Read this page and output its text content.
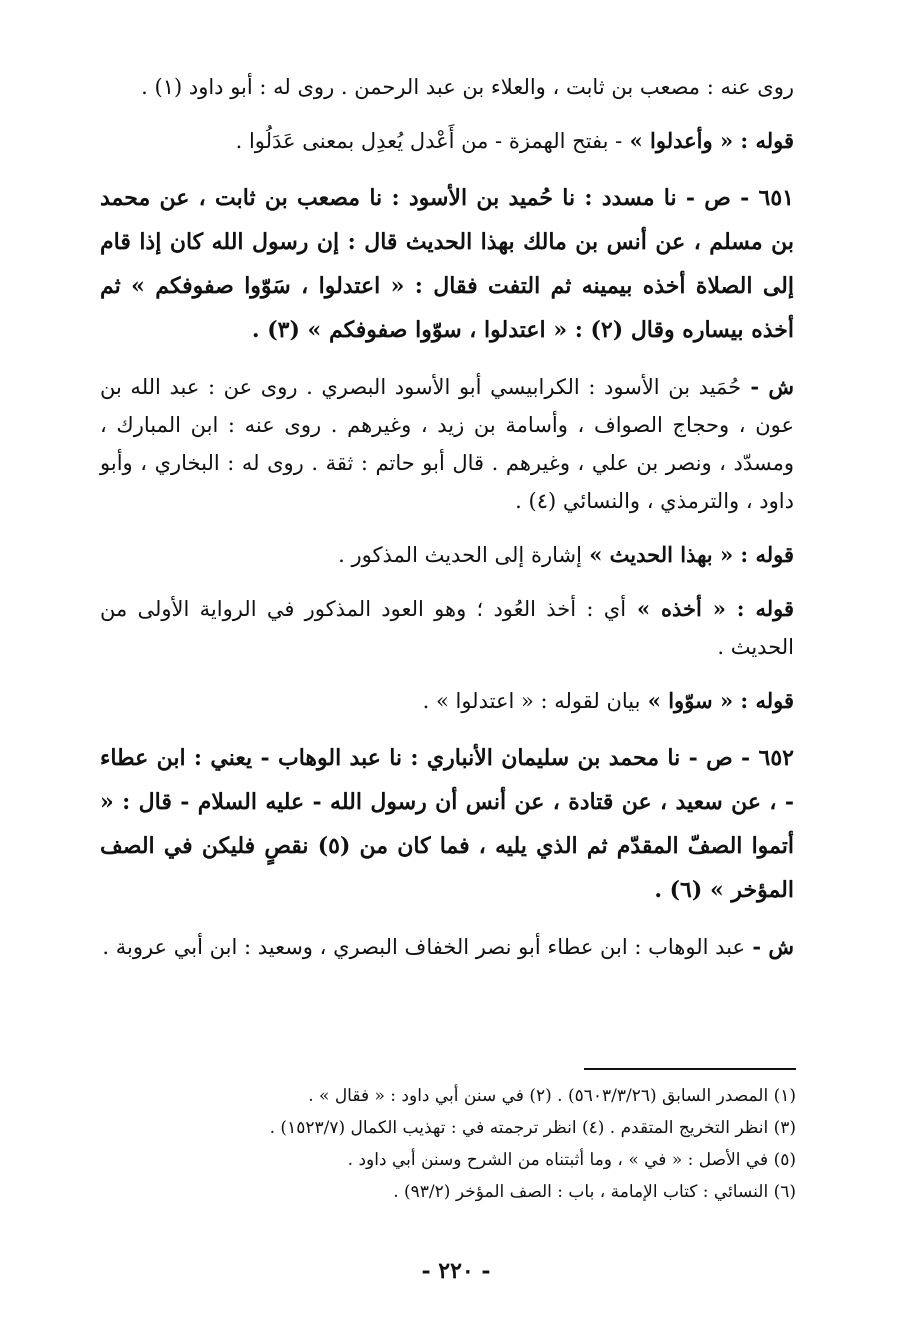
روى عنه : مصعب بن ثابت ، والعلاء بن عبد الرحمن . روى له : أبو داود (١) .

قوله : « وأعدلوا » - بفتح الهمزة - من أَعْدل يُعدِل بمعنى عَدَلُوا .

٦٥١ - ص - نا مسدد : نا حُميد بن الأسود : نا مصعب بن ثابت ، عن محمد بن مسلم ، عن أنس بن مالك بهذا الحديث قال : إن رسول الله كان إذا قام إلى الصلاة أخذه بيمينه ثم التفت فقال : « اعتدلوا ، سَوّوا صفوفكم » ثم أخذه بيساره وقال (٢) : « اعتدلوا ، سوّوا صفوفكم » (٣) .

ش - حُمَيد بن الأسود : الكرابيسي أبو الأسود البصري . روى عن : عبد الله بن عون ، وحجاج الصواف ، وأسامة بن زيد ، وغيرهم . روى عنه : ابن المبارك ، ومسدّد ، ونصر بن علي ، وغيرهم . قال أبو حاتم : ثقة . روى له : البخاري ، وأبو داود ، والترمذي ، والنسائي (٤) .

قوله : « بهذا الحديث » إشارة إلى الحديث المذكور .

قوله : « أخذه » أي : أخذ العُود ؛ وهو العود المذكور في الرواية الأولى من الحديث .

قوله : « سوّوا » بيان لقوله : « اعتدلوا » .

٦٥٢ - ص - نا محمد بن سليمان الأنباري : نا عبد الوهاب - يعني : ابن عطاء - ، عن سعيد ، عن قتادة ، عن أنس أن رسول الله - عليه السلام - قال : « أتموا الصفّ المقدّم ثم الذي يليه ، فما كان من (٥) نقصٍ فليكن في الصف المؤخر » (٦) .

ش - عبد الوهاب : ابن عطاء أبو نصر الخفاف البصري ، وسعيد : ابن أبي عروبة .

(١) المصدر السابق (٥٦٠٣/٣/٢٦) . (٢) في سنن أبي داود : « فقال » .
(٣) انظر التخريج المتقدم . (٤) انظر ترجمته في : تهذيب الكمال (١٥٢٣/٧) .
(٥) في الأصل : « في » ، وما أثبتناه من الشرح وسنن أبي داود .
(٦) النسائي : كتاب الإمامة ، باب : الصف المؤخر (٩٣/٢) .
- ٢٢٠ -
